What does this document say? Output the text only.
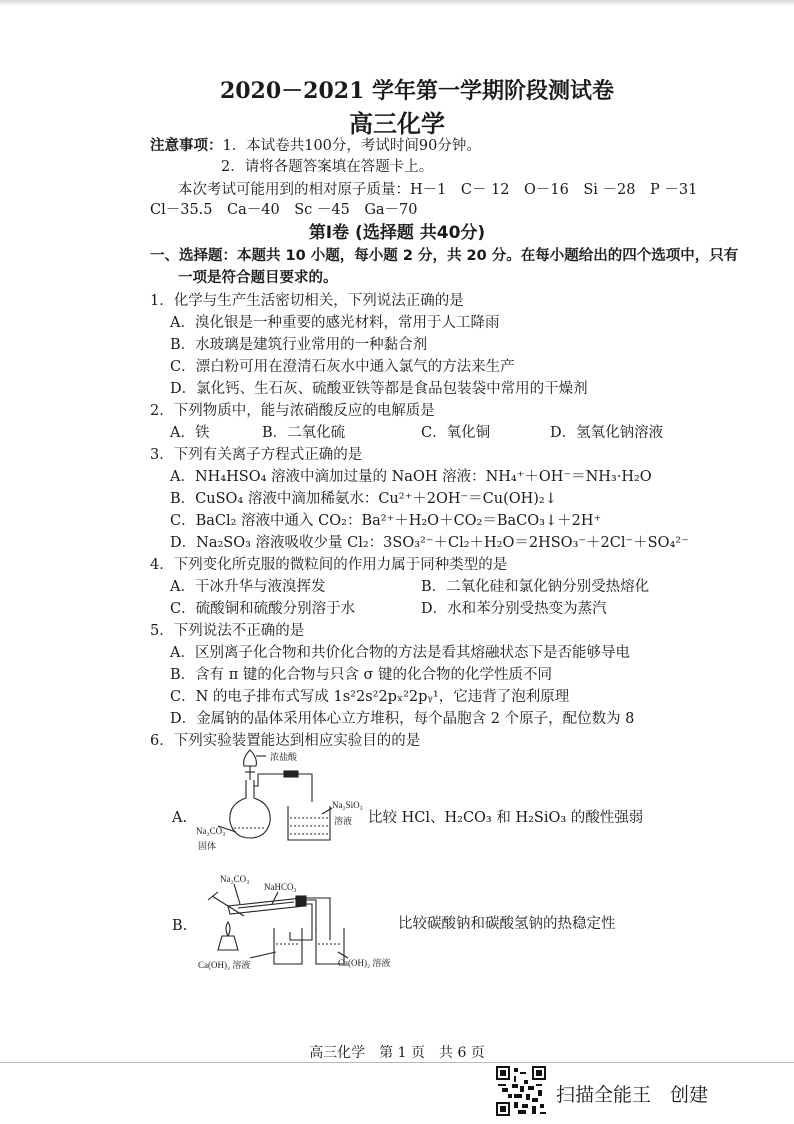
2020－2021 学年第一学期阶段测试卷
高三化学
注意事项：1．本试卷共100分，考试时间90分钟。
2．请将各题答案填在答题卡上。
本次考试可能用到的相对原子质量：H－1　C－ 12　O－16　Si －28　P －31
Cl－35.5　Ca－40　Sc －45　Ga－70
第Ⅰ卷 (选择题 共40分)
一、选择题：本题共 10 小题，每小题 2 分，共 20 分。在每小题给出的四个选项中，只有
一项是符合题目要求的。
1．化学与生产生活密切相关，下列说法正确的是
A．溴化银是一种重要的感光材料，常用于人工降雨
B．水玻璃是建筑行业常用的一种黏合剂
C．漂白粉可用在澄清石灰水中通入氯气的方法来生产
D．氯化钙、生石灰、硫酸亚铁等都是食品包装袋中常用的干燥剂
2．下列物质中，能与浓硝酸反应的电解质是
A．铁	B．二氧化硫	C．氧化铜	D．氢氧化钠溶液
3．下列有关离子方程式正确的是
A．NH₄HSO₄ 溶液中滴加过量的 NaOH 溶液：NH₄⁺＋OH⁻＝NH₃·H₂O
B．CuSO₄ 溶液中滴加稀氨水：Cu²⁺＋2OH⁻＝Cu(OH)₂↓
C．BaCl₂ 溶液中通入 CO₂：Ba²⁺＋H₂O＋CO₂＝BaCO₃↓＋2H⁺
D．Na₂SO₃ 溶液吸收少量 Cl₂：3SO₃²⁻＋Cl₂＋H₂O＝2HSO₃⁻＋2Cl⁻＋SO₄²⁻
4．下列变化所克服的微粒间的作用力属于同种类型的是
A．干冰升华与液溴挥发	B．二氧化硅和氯化钠分别受热熔化
C．硫酸铜和硫酸分别溶于水	D．水和苯分别受热变为蒸汽
5．下列说法不正确的是
A．区别离子化合物和共价化合物的方法是看其熔融状态下是否能够导电
B．含有 π 键的化合物与只含 σ 键的化合物的化学性质不同
C．N 的电子排布式写成 1s²2s²2pₓ²2pᵧ¹，它违背了泡利原理
D．金属钠的晶体采用体心立方堆积，每个晶胞含 2 个原子，配位数为 8
6．下列实验装置能达到相应实验目的的是
A.	比较 HCl、H₂CO₃ 和 H₂SiO₃ 的酸性强弱
浓盐酸
Na₂CO₃
固体
Na₂SiO₃
溶液
B.	比较碳酸钠和碳酸氢钠的热稳定性
Na₂CO₃
NaHCO₃
Ca(OH)₂ 溶液	Ca(OH)₂ 溶液
高三化学　第 1 页　共 6 页
扫描全能王　创建
